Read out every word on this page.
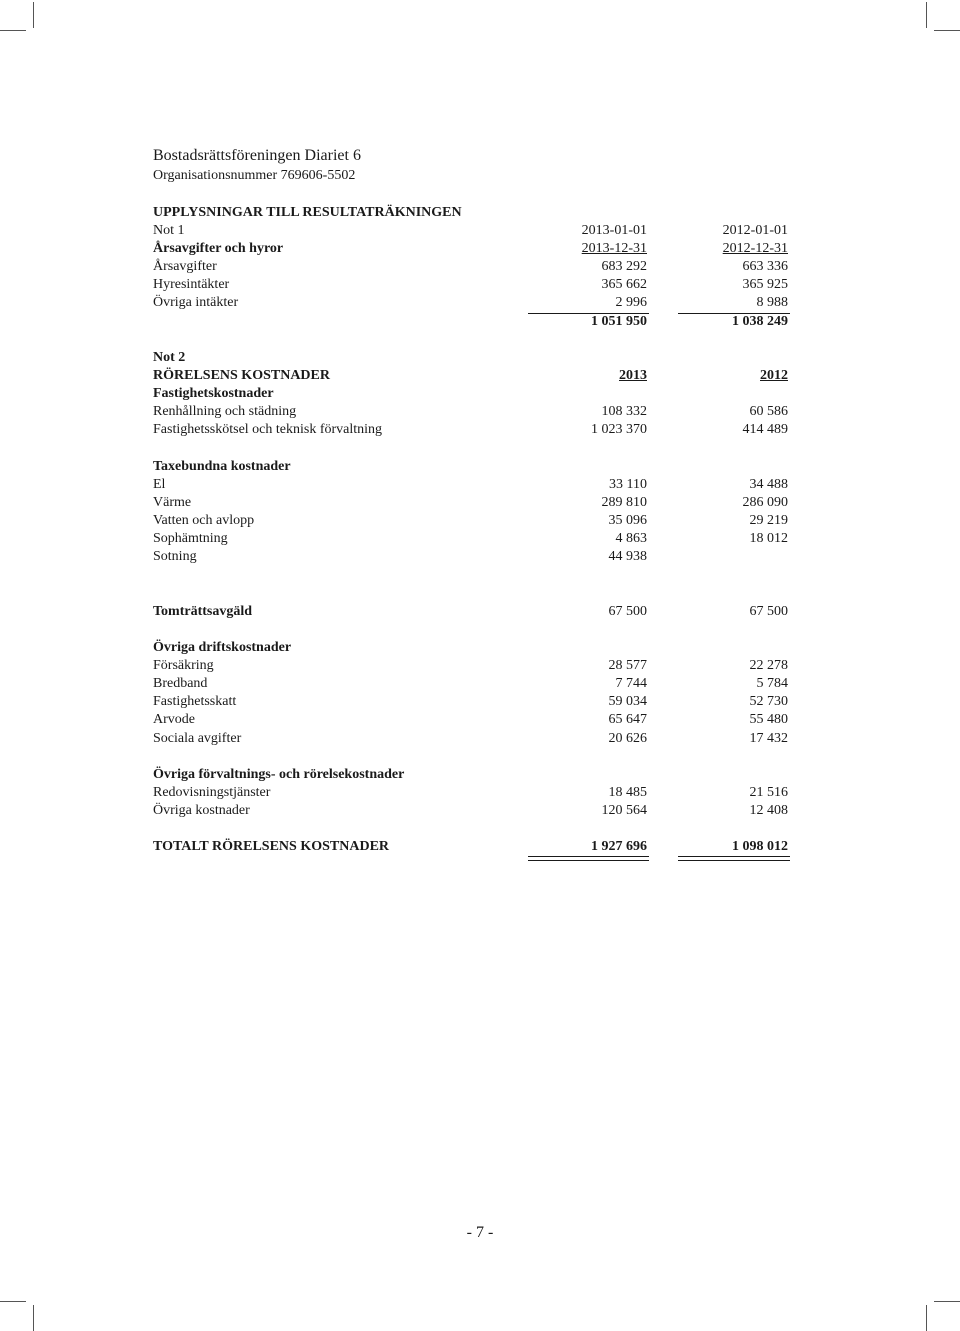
Bostadsrättsföreningen Diariet 6
Organisationsnummer 769606-5502
UPPLYSNINGAR TILL RESULTATRÄKNINGEN
Not 1	2013-01-01	2012-01-01
Årsavgifter och hyror	2013-12-31	2012-12-31
Årsavgifter	683 292	663 336
Hyresintäkter	365 662	365 925
Övriga intäkter	2 996	8 988
1 051 950	1 038 249
Not 2
RÖRELSENS KOSTNADER	2013	2012
Fastighetskostnader
Renhållning och städning	108 332	60 586
Fastighetsskötsel och teknisk förvaltning	1 023 370	414 489
Taxebundna kostnader
El	33 110	34 488
Värme	289 810	286 090
Vatten och avlopp	35 096	29 219
Sophämtning	4 863	18 012
Sotning	44 938
Tomträttsavgäld	67 500	67 500
Övriga driftskostnader
Försäkring	28 577	22 278
Bredband	7 744	5 784
Fastighetsskatt	59 034	52 730
Arvode	65 647	55 480
Sociala avgifter	20 626	17 432
Övriga förvaltnings- och rörelsekostnader
Redovisningstjänster	18 485	21 516
Övriga kostnader	120 564	12 408
TOTALT RÖRELSENS KOSTNADER	1 927 696	1 098 012
- 7 -
